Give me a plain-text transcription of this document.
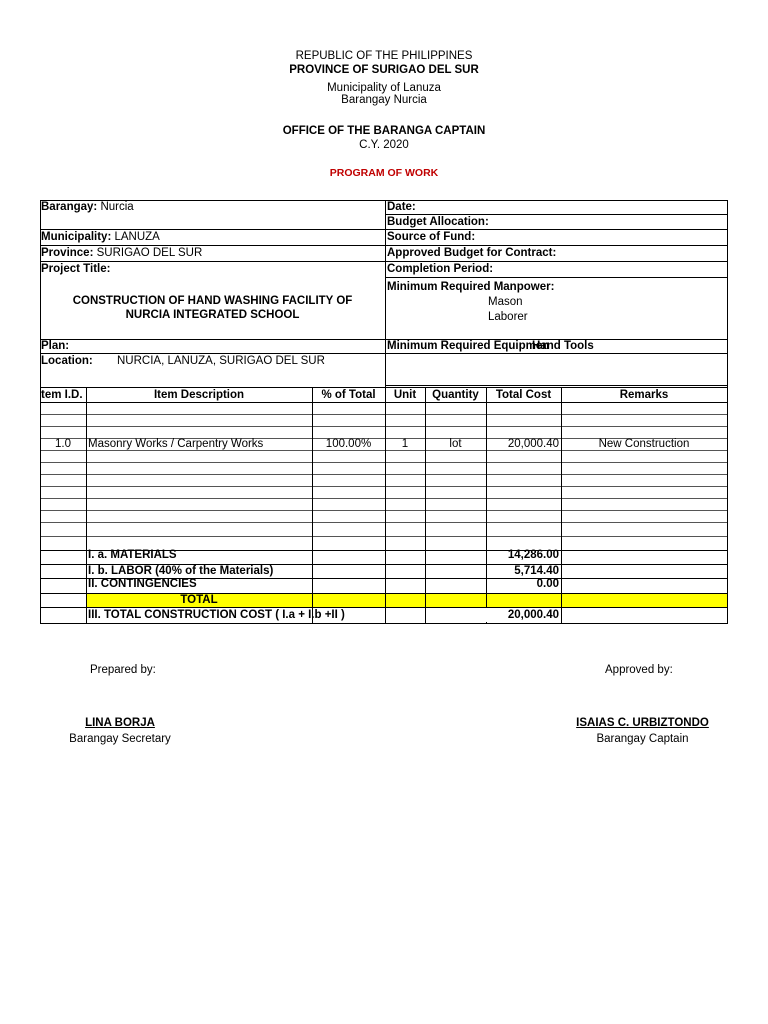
REPUBLIC OF THE PHILIPPINES
PROVINCE OF SURIGAO DEL SUR
Municipality of Lanuza
Barangay Nurcia
OFFICE OF THE BARANGA CAPTAIN
C.Y. 2020
PROGRAM OF WORK
Barangay: Nurcia
Municipality: LANUZA
Province: SURIGAO DEL SUR
Project Title:
CONSTRUCTION OF HAND WASHING FACILITY OF
NURCIA INTEGRATED SCHOOL
Plan:
Location: NURCIA, LANUZA, SURIGAO DEL SUR
Date:
Budget Allocation:
Source of Fund:
Approved Budget for Contract:
Completion Period:
Minimum Required Manpower:
Mason
Laborer
Minimum Required Equipmen
Hand Tools
tem I.D.	Item Description	% of Total	Unit	Quantity	Total Cost	Remarks
1.0	Masonry Works / Carpentry Works	100.00%	1	lot	20,000.40	New Construction
I. a. MATERIALS	14,286.00
I. b. LABOR (40% of the Materials)	5,714.40
II. CONTINGENCIES	0.00
TOTAL
III. TOTAL CONSTRUCTION COST ( I.a + I.b +II )	20,000.40
Prepared by:	Approved by:
LINA BORJA
Barangay Secretary
ISAIAS C. URBIZTONDO
Barangay Captain
